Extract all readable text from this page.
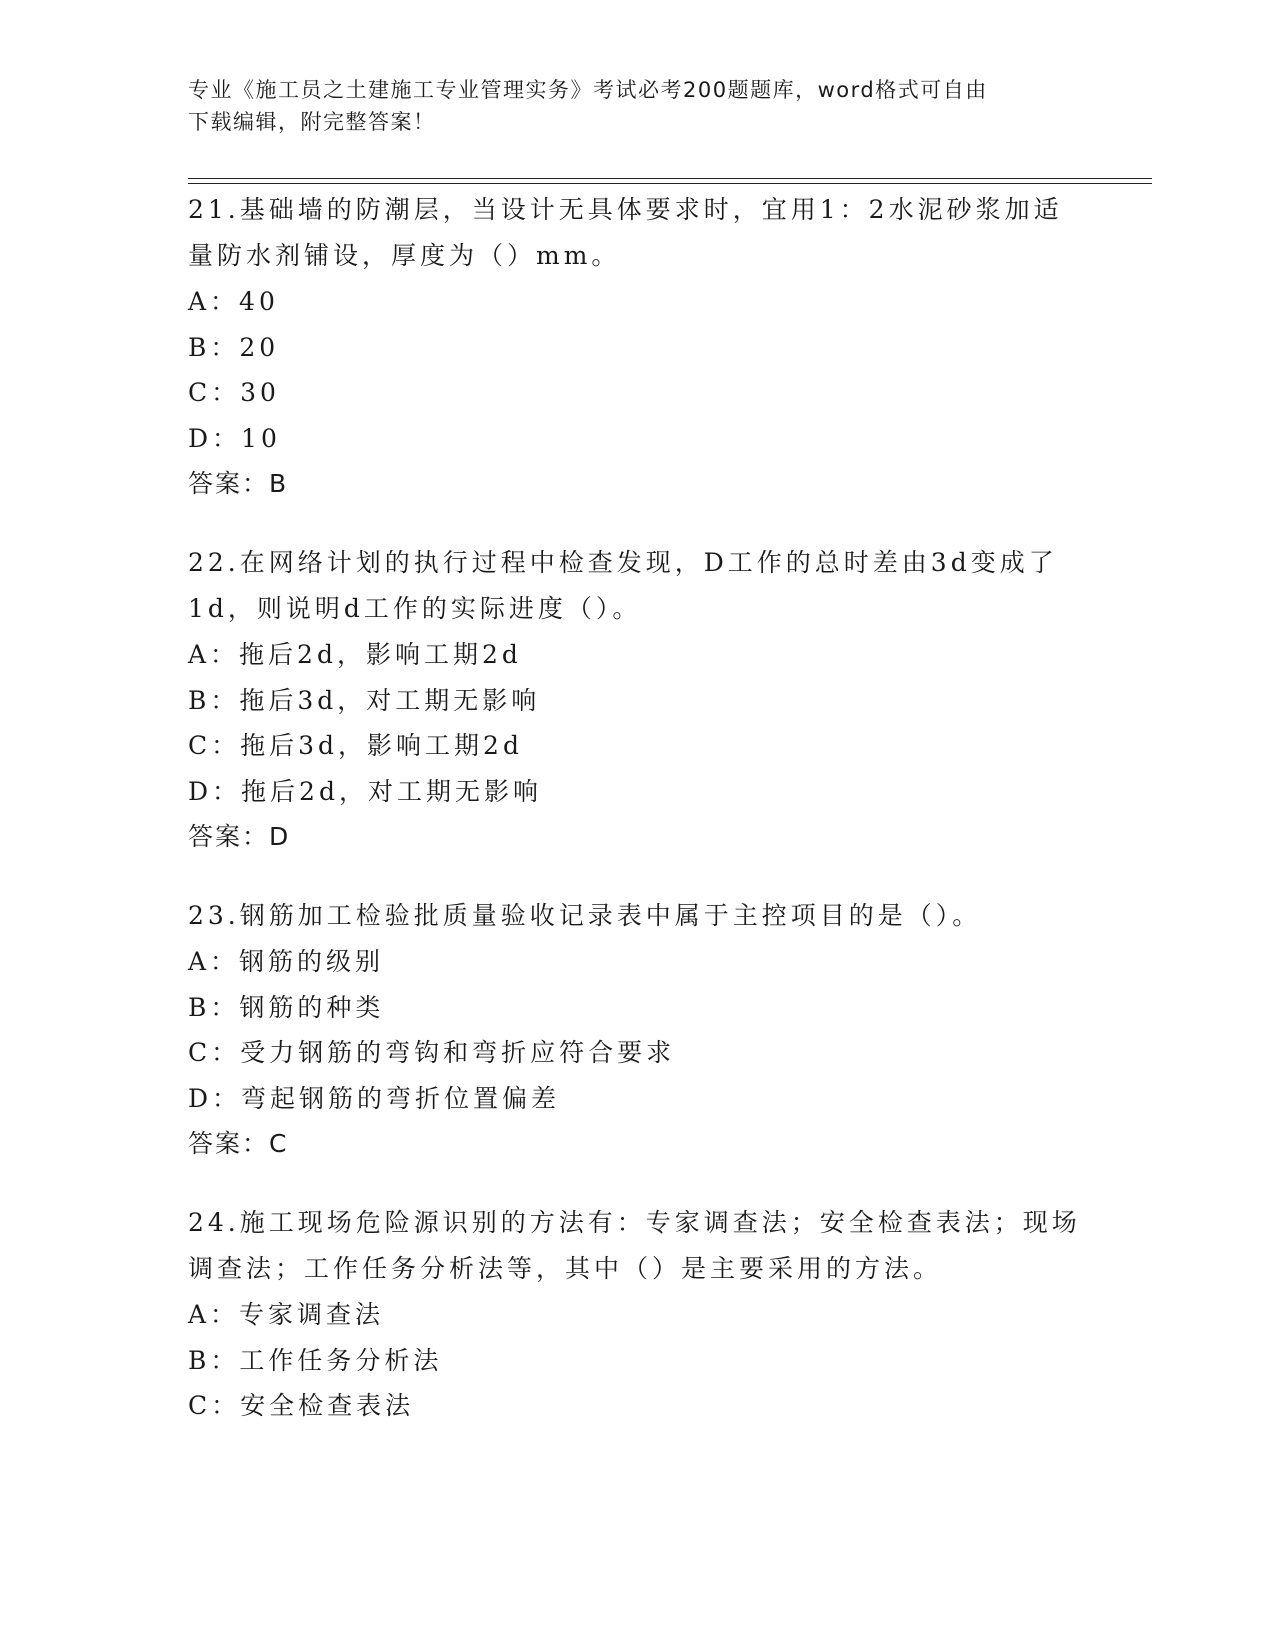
专业《施工员之土建施工专业管理实务》考试必考200题题库，word格式可自由
下载编辑，附完整答案！

21.基础墙的防潮层，当设计无具体要求时，宜用1：2水泥砂浆加适

量防水剂铺设，厚度为（）mm。

A：40

B：20

C：30

D：10

答案：B

22.在网络计划的执行过程中检查发现，D工作的总时差由3d变成了

1d，则说明d工作的实际进度（）。

A：拖后2d，影响工期2d

B：拖后3d，对工期无影响

C：拖后3d，影响工期2d

D：拖后2d，对工期无影响

答案：D

23.钢筋加工检验批质量验收记录表中属于主控项目的是（）。

A：钢筋的级别

B：钢筋的种类

C：受力钢筋的弯钩和弯折应符合要求

D：弯起钢筋的弯折位置偏差

答案：C

24.施工现场危险源识别的方法有：专家调查法；安全检查表法；现场

调查法；工作任务分析法等，其中（）是主要采用的方法。

A：专家调查法

B：工作任务分析法

C：安全检查表法
